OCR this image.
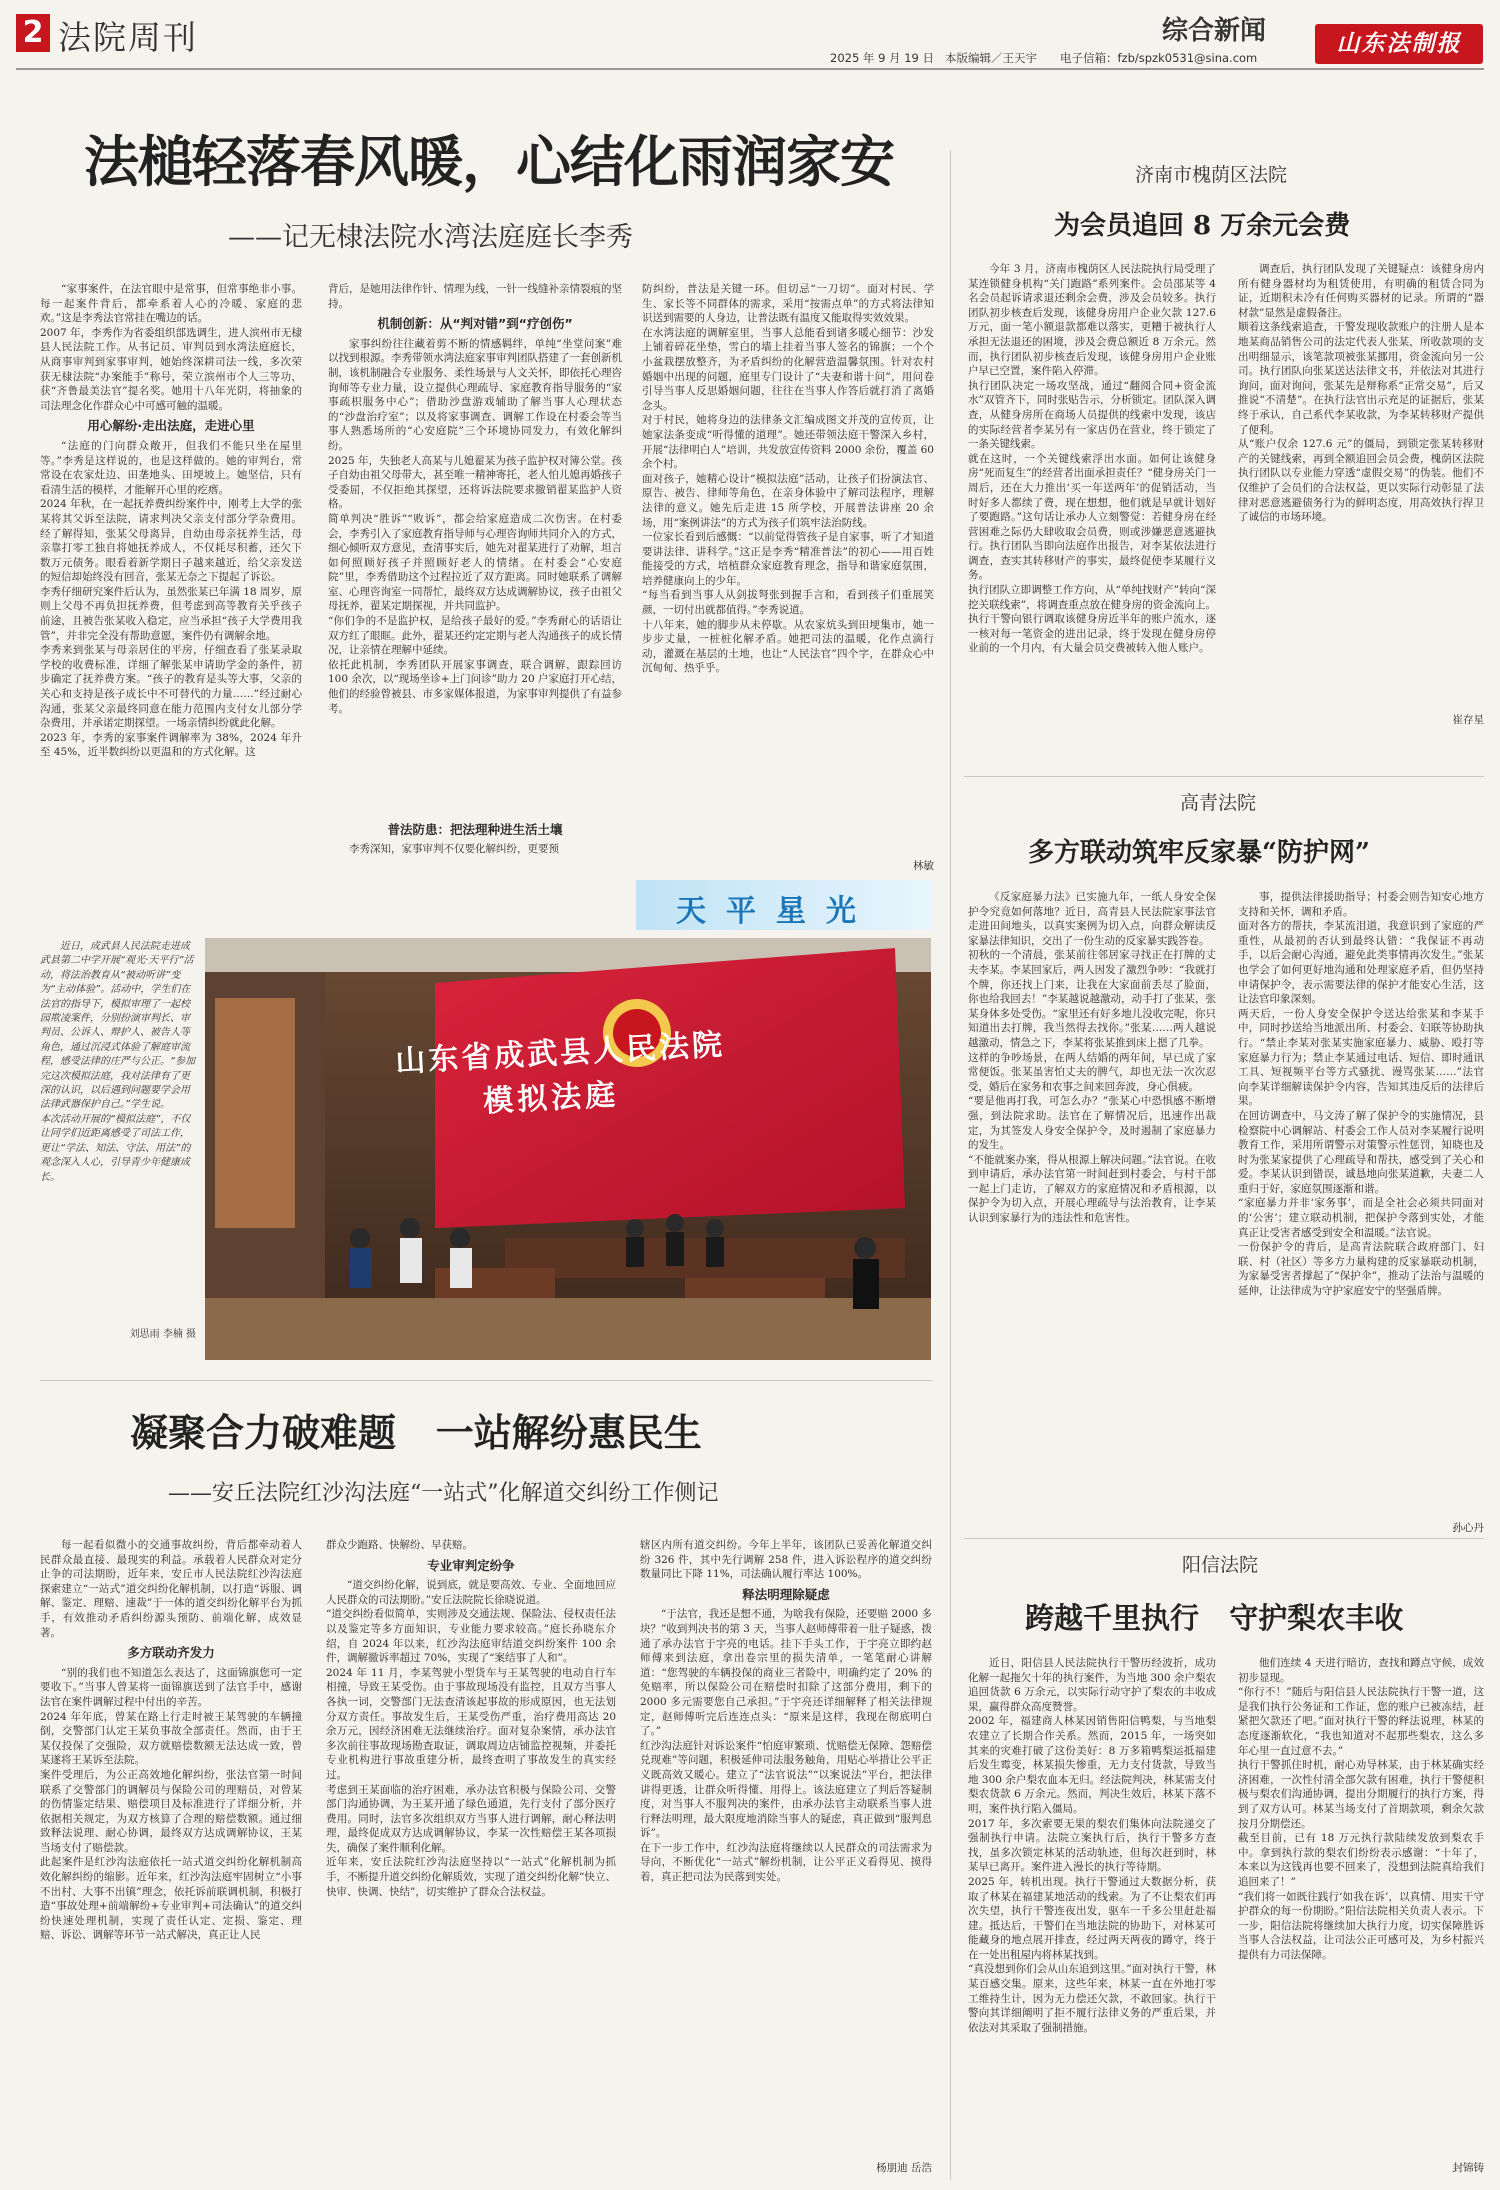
2 法院周刊	综合新闻
2025 年 9 月 19 日 本版编辑／王天宇 电子信箱：fzb/spzk0531@sina.com
山东法制报
法槌轻落春风暖，心结化雨润家安
——记无棣法院水湾法庭庭长李秀
“家事案件，在法官眼中是常事，但常事绝非小事。每一起案件背后，都牵系着人心的冷暖、家庭的悲欢。”这是李秀法官常挂在嘴边的话。
2007 年，李秀作为省委组织部选调生，进人滨州市无棣县人民法院工作。从书记员、审判员到水湾法庭庭长，从商事审判到家事审判，她始终深耕司法一线，多次荣获无棣法院“办案能手”称号，荣立滨州市个人三等功，获“齐鲁最美法官”提名奖。她用十八年光阴，将抽象的司法理念化作群众心中可感可触的温暖。
用心解纷·走出法庭，走进心里
“法庭的门向群众敞开，但我们不能只坐在屋里等。”李秀是这样说的，也是这样做的。她的审判台，常常设在农家灶边、田垄地头、田埂坡上。她坚信，只有看清生活的模样，才能解开心里的疙瘩。
2024 年秋，在一起抚养费纠纷案件中，刚考上大学的张某将其父诉至法院，请求判决父亲支付部分学杂费用。经了解得知，张某父母离异，自幼由母亲抚养生活，母亲靠打零工独自将她抚养成人，不仅耗尽积蓄，还欠下数万元债务。眼看着新学期日子越来越近，给父亲发送的短信却始终没有回音，张某无奈之下提起了诉讼。
李秀仔细研究案件后认为，虽然张某已年满 18 周岁，原则上父母不再负担抚养费，但考虑到高等教育关乎孩子前途，且被告张某收入稳定，应当承担“孩子大学费用我管”，并非完全没有帮助意愿，案件仍有调解余地。
李秀来到张某与母亲居住的平房，仔细查看了张某录取学校的收费标准，详细了解张某申请助学金的条件，初步确定了抚养费方案。“孩子的教育是头等大事，父亲的关心和支持是孩子成长中不可替代的力量……”经过耐心沟通，张某父亲最终同意在能力范围内支付女儿部分学杂费用，并承诺定期探望。一场亲情纠纷就此化解。
2023 年，李秀的家事案件调解率为 38%，2024 年升至 45%，近半数纠纷以更温和的方式化解。这
背后，是她用法律作针、情理为线，一针一线缝补亲情裂痕的坚持。
机制创新：从“判对错”到“疗创伤”
家事纠纷往往藏着剪不断的情感羁绊，单纯“坐堂问案”难以找到根源。李秀带领水湾法庭家事审判团队搭建了一套创新机制，该机制融合专业服务、柔性场景与人文关怀，即依托心理咨询师等专业力量，设立提供心理疏导、家庭教育指导服务的“家事疏枳服务中心”；借助沙盘游戏辅助了解当事人心理状态的“沙盘治疗室”；以及将家事调查、调解工作设在村委会等当事人熟悉场所的“心安庭院”三个环境协同发力，有效化解纠纷。
2025 年，失独老人高某与儿媳翟某为孩子监护权对簿公堂。孩子自幼由祖父母带大，甚至唯一精神寄托，老人怕儿媳再婚孩子受委屈，不仅拒绝其探望，还将诉法院要求撤销翟某监护人资格。
简单判决“胜诉”“败诉”，都会给家庭造成二次伤害。在村委会，李秀引入了家庭教育指导师与心理咨询师共同介入的方式，细心倾听双方意见，查清事实后，她先对翟某进行了劝解，坦言如何照顾好孩子并照顾好老人的情绪。在村委会“心安庭院”里，李秀借助这个过程拉近了双方距离。同时她联系了调解室、心理咨询室一同帮忙，最终双方达成调解协议，孩子由祖父母抚养，翟某定期探视，并共同监护。
“你们争的不是监护权，是给孩子最好的爱。”李秀耐心的话语让双方红了眼眶。此外，翟某还约定定期与老人沟通孩子的成长情况，让亲情在理解中延续。
依托此机制，李秀团队开展家事调查，联合调解，跟踪回访 100 余次，以“现场坐诊+上门问诊”助力 20 户家庭打开心结，他们的经验曾被县、市多家媒体报道，为家事审判提供了有益参考。
普法防患：把法理种进生活土壤
李秀深知，家事审判不仅要化解纠纷，更要预
防纠纷，普法是关键一环。但切忌“一刀切”。面对村民、学生、家长等不同群体的需求，采用“按需点单”的方式将法律知识送到需要的人身边，让普法既有温度又能取得实效效果。
在水湾法庭的调解室里，当事人总能看到诸多暖心细节：沙发上铺着碎花坐垫，雪白的墙上挂着当事人签名的锦旗；一个个小盆栽摆放整齐，为矛盾纠纷的化解营造温馨氛围。针对农村婚姻中出现的问题，庭里专门设计了“夫妻和谐十问”，用问卷引导当事人反思婚姻问题，往往在当事人作答后就打消了离婚念头。
对于村民，她将身边的法律条文汇编成图文并茂的宣传页，让她家法条变成“听得懂的道理”。她还带领法庭干警深入乡村，开展“法律明白人”培训，共发放宣传资料 2000 余份，覆盖 60 余个村。
面对孩子，她精心设计“模拟法庭”活动，让孩子们扮演法官、原告、被告、律师等角色，在亲身体验中了解司法程序，理解法律的意义。她先后走进 15 所学校，开展普法讲座 20 余场，用“案例讲法”的方式为孩子们筑牢法治防线。
一位家长看到后感慨：“以前觉得管孩子是自家事，听了才知道要讲法律、讲科学。”这正是李秀“精准普法”的初心——用百姓能接受的方式，培植群众家庭教育理念，指导和谐家庭氛围，培养健康向上的少年。
“每当看到当事人从剑拔弩张到握手言和，看到孩子们重展笑颜，一切付出就都值得。”李秀说道。
十八年来，她的脚步从未停歇。从农家炕头到田埂集市，她一步步丈量，一桩桩化解矛盾。她把司法的温暖，化作点滴行动，灌溉在基层的土地，也让“人民法官”四个字，在群众心中沉甸甸、热乎乎。
林敏
天平星光
近日，成武县人民法院走进成武县第二中学开展“观光·天平行”活动，将法治教育从“被动听讲”变为“主动体验”。活动中，学生们在法官的指导下，模拟审理了一起校园欺凌案件，分别扮演审判长、审判员、公诉人、辩护人、被告人等角色，通过沉浸式体验了解庭审流程，感受法律的庄严与公正。“参加完这次模拟法庭，我对法律有了更深的认识，以后遇到问题要学会用法律武器保护自己。”学生说。
本次活动开展的“模拟法庭”，不仅让同学们近距离感受了司法工作，更让“学法、知法、守法、用法”的观念深入人心，引导青少年健康成长。
刘思雨 李楠 摄
山东省成武县人民法院
模拟法庭
济南市槐荫区法院
为会员追回 8 万余元会费
今年 3 月，济南市槐荫区人民法院执行局受理了某连锁健身机构“关门跑路”系列案件。会员邵某等 4 名会员起诉请求退还剩余会费，涉及会员较多。执行团队初步核查后发现，该健身房用户企业欠款 127.6 万元，面一笔小额退款都难以落实，更糟于被执行人承担无法退还的困境，涉及会费总额近 8 万余元。然而，执行团队初步核查后发现，该健身房用户企业账户早已空置，案件陷入停滞。
执行团队决定一场攻坚战，通过“翻阅合同+资金流水”双管齐下，同时张贴告示，分析锁定。团队深入调查，从健身房所在商场人员提供的线索中发现，该店的实际经营者李某另有一家店仍在营业，终于锁定了一条关键线索。
就在这时，一个关键线索浮出水面。如何让该健身房“死而复生”的经营者出面承担责任？“健身房关门一周后，还在大力推出‘买一年送两年’的促销活动，当时好多人都续了费，现在想想，他们就是早就计划好了要跑路。”这句话让承办人立刻警觉：若健身房在经营困难之际仍大肆收取会员费，则或涉嫌恶意逃避执行。执行团队当即向法庭作出报告，对李某依法进行调查，查实其转移财产的事实，最终促使李某履行义务。
执行团队立即调整工作方向，从“单纯找财产”转向“深挖关联线索”，将调查重点放在健身房的资金流向上。执行干警向银行调取该健身房近半年的账户流水，逐一核对每一笔资金的进出记录，终于发现在健身房停业前的一个月内，有大量会员交费被转入他人账户。
调查后，执行团队发现了关键疑点：该健身房内所有健身器材均为租赁使用，有明确的租赁合同为证，近期积未冷有任何购买器材的记录。所谓的“器材款”显然是虚假备注。
顺着这条线索追查，干警发现收款账户的注册人是本地某商品销售公司的法定代表人张某，所收款项的支出明细显示，该笔款项被张某挪用，资金流向另一公司。执行团队向张某送达法律文书，并依法对其进行询问，面对询问，张某先是辩称系“正常交易”，后又推说“不清楚”。在执行法官出示充足的证据后，张某终于承认，自己系代李某收款，为李某转移财产提供了便利。
从“账户仅余 127.6 元”的僵局，到锁定张某转移财产的关键线索，再到全额追回会员会费，槐荫区法院执行团队以专业能力穿透“虚假交易”的伪装。他们不仅维护了会员们的合法权益，更以实际行动彰显了法律对恶意逃避债务行为的鲜明态度，用高效执行捍卫了诚信的市场环境。
崔存星
高青法院
多方联动筑牢反家暴“防护网”
《反家庭暴力法》已实施九年，一纸人身安全保护令究竟如何落地？近日，高青县人民法院家事法官走进田间地头，以真实案例为切入点，向群众解读反家暴法律知识，交出了一份生动的反家暴实践答卷。
初秋的一个清晨，张某前往邻居家寻找正在打牌的丈夫李某。李某回家后，两人因发了激烈争吵：“我就打个牌，你还找上门来，让我在大家面前丢尽了脸面，你也给我回去！”李某越说越激动，动手打了张某，张某身体多处受伤。“家里还有好多地儿没收完呢，你只知道出去打牌，我当然得去找你。”张某……两人越说越激动，情急之下，李某将张某推到床上摁了几拳。
这样的争吵场景，在两人结婚的两年间，早已成了家常便饭。张某虽害怕丈夫的脾气，却也无法一次次忍受，婚后在家务和农事之间来回奔波，身心俱疲。
“要是他再打我，可怎么办？”张某心中恐惧感不断增强，到法院求助。法官在了解情况后，迅速作出裁定，为其签发人身安全保护令，及时遏制了家庭暴力的发生。
“不能就案办案，得从根源上解决问题。”法官说。在收到申请后，承办法官第一时间赶到村委会，与村干部一起上门走访，了解双方的家庭情况和矛盾根源，以保护令为切入点，开展心理疏导与法治教育，让李某认识到家暴行为的违法性和危害性。
事，提供法律援助指导；村委会则告知安心地方支持和关怀，调和矛盾。
面对各方的帮扶，李某流泪道，我意识到了家庭的严重性，从最初的否认到最终认错：“我保证不再动手，以后会耐心沟通，避免此类事情再次发生。”张某也学会了如何更好地沟通和处理家庭矛盾，但仍坚持申请保护令，表示需要法律的保护才能安心生活，这让法官印象深刻。
两天后，一份人身安全保护令送达给张某和李某手中，同时抄送给当地派出所、村委会、妇联等协助执行。“禁止李某对张某实施家庭暴力、威胁、殴打等家庭暴力行为；禁止李某通过电话、短信、即时通讯工具、短视频平台等方式骚扰、谩骂张某……”法官向李某详细解读保护令内容，告知其违反后的法律后果。
在回访调查中，马文涛了解了保护令的实施情况，县检察院中心调解站、村委会工作人员对李某履行说明教育工作，采用所谓警示对策警示性惩罚，知晓也及时为张某家提供了心理疏导和帮扶，感受到了关心和爱。李某认识到错误，诚恳地向张某道歉，夫妻二人重归于好，家庭氛围逐渐和谐。
“家庭暴力并非‘家务事’，而是全社会必须共同面对的‘公害’；建立联动机制，把保护令落到实处，才能真正让受害者感受到安全和温暖。”法官说。
一份保护令的背后，是高青法院联合政府部门、妇联、村（社区）等多方力量构建的反家暴联动机制，为家暴受害者撑起了“保护伞”，推动了法治与温暖的延伸，让法律成为守护家庭安宁的坚强盾牌。
孙心丹
凝聚合力破难题   一站解纷惠民生
——安丘法院红沙沟法庭“一站式”化解道交纠纷工作侧记
每一起看似微小的交通事故纠纷，背后都牵动着人民群众最直接、最现实的利益。承载着人民群众对定分止争的司法期盼，近年来，安丘市人民法院红沙沟法庭探索建立“一站式”道交纠纷化解机制，以打造“诉服、调解、鉴定、理赔、速裁”于一体的道交纠纷化解平台为抓手，有效推动矛盾纠纷源头预防、前端化解，成效显著。
多方联动齐发力
“别的我们也不知道怎么表达了，这面锦旗您可一定要收下。”当事人曾某将一面锦旗送到了法官手中，感谢法官在案件调解过程中付出的辛苦。
2024 年年底，曾某在路上行走时被王某驾驶的车辆撞倒，交警部门认定王某负事故全部责任。然而，由于王某仅投保了交强险，双方就赔偿数额无法达成一致，曾某遂将王某诉至法院。
案件受理后，为公正高效地化解纠纷，张法官第一时间联系了交警部门的调解员与保险公司的理赔员，对曾某的伤情鉴定结果、赔偿项目及标准进行了详细分析，并依据相关规定，为双方核算了合理的赔偿数额。通过细致释法说理、耐心协调，最终双方达成调解协议，王某当场支付了赔偿款。
此起案件是红沙沟法庭依托一站式道交纠纷化解机制高效化解纠纷的缩影。近年来，红沙沟法庭牢固树立“小事不出村、大事不出镇”理念，依托诉前联调机制，积极打造“事故处理+前端解纷+专业审判+司法确认”的道交纠纷快速处理机制，实现了责任认定、定损、鉴定、理赔、诉讼、调解等环节一站式解决，真正让人民
群众少跑路、快解纷、早获赔。
专业审判定纷争
“道交纠纷化解，说到底，就是要高效、专业、全面地回应人民群众的司法期盼。”安丘法院院长徐晓说道。
“道交纠纷看似简单，实则涉及交通法规、保险法、侵权责任法以及鉴定等多方面知识，专业能力要求较高。”庭长孙晓东介绍，自 2024 年以来，红沙沟法庭审结道交纠纷案件 100 余件，调解撤诉率超过 70%，实现了“案结事了人和”。
2024 年 11 月，李某驾驶小型货车与王某驾驶的电动自行车相撞，导致王某受伤。由于事故现场没有监控，且双方当事人各执一词，交警部门无法查清该起事故的形成原因，也无法划分双方责任。事故发生后，王某受伤严重，治疗费用高达 20 余万元，因经济困难无法继续治疗。面对复杂案情，承办法官多次前往事故现场勘查取证，调取周边店铺监控视频，并委托专业机构进行事故重建分析，最终查明了事故发生的真实经过。
考虑到王某面临的治疗困难，承办法官积极与保险公司、交警部门沟通协调，为王某开通了绿色通道，先行支付了部分医疗费用。同时，法官多次组织双方当事人进行调解，耐心释法明理，最终促成双方达成调解协议，李某一次性赔偿王某各项损失，确保了案件顺利化解。
近年来，安丘法院红沙沟法庭坚持以“一站式”化解机制为抓手，不断提升道交纠纷化解质效，实现了道交纠纷化解“快立、快审、快调、快结”，切实维护了群众合法权益。
辖区内所有道交纠纷。今年上半年，该团队已妥善化解道交纠纷 326 件，其中先行调解 258 件，进入诉讼程序的道交纠纷数量同比下降 11%，司法确认履行率达 100%。
释法明理除疑虑
“于法官，我还是想不通，为啥我有保险，还要赔 2000 多块？”收到判决书的第 3 天，当事人赵师傅带着一肚子疑惑，拨通了承办法官于宇亮的电话。挂下手头工作，于宇亮立即约赵师傅来到法庭，拿出卷宗里的损失清单，一笔笔耐心讲解道：“您驾驶的车辆投保的商业三者险中，明确约定了 20% 的免赔率，所以保险公司在赔偿时扣除了这部分费用，剩下的 2000 多元需要您自己承担。”于宇亮还详细解释了相关法律规定，赵师傅听完后连连点头：“原来是这样，我现在彻底明白了。”
红沙沟法庭针对诉讼案件“怕庭审繁琐、忧赔偿无保障、怨赔偿兑现难”等问题，积极延伸司法服务触角，用贴心举措让公平正义既高效又暖心。建立了“法官说法”“以案说法”平台，把法律讲得更透，让群众听得懂、用得上。该法庭建立了判后答疑制度，对当事人不服判决的案件，由承办法官主动联系当事人进行释法明理，最大限度地消除当事人的疑虑，真正做到“服判息诉”。
在下一步工作中，红沙沟法庭将继续以人民群众的司法需求为导向，不断优化“一站式”解纷机制，让公平正义看得见、摸得着，真正把司法为民落到实处。
杨朋迪 岳浩
阳信法院
跨越千里执行   守护梨农丰收
近日，阳信县人民法院执行干警历经波折，成功化解一起拖欠十年的执行案件，为当地 300 余户梨农追回货款 6 万余元，以实际行动守护了梨农的丰收成果，赢得群众高度赞誉。
2002 年，福建商人林某因销售阳信鸭梨，与当地梨农建立了长期合作关系。然而，2015 年，一场突如其来的灾难打破了这份美好：8 万多箱鸭梨运抵福建后发生霉变，林某损失惨重，无力支付货款，导致当地 300 余户梨农血本无归。经法院判决，林某需支付梨农货款 6 万余元。然而，判决生效后，林某下落不明，案件执行陷入僵局。
2017 年，多次索要无果的梨农们集体向法院递交了强制执行申请。法院立案执行后，执行干警多方查找，虽多次锁定林某的活动轨迹，但每次赶到时，林某早已离开。案件进入漫长的执行等待期。
2025 年，转机出现。执行干警通过大数据分析，获取了林某在福建某地活动的线索。为了不让梨农们再次失望，执行干警连夜出发，驱车一千多公里赶赴福建。抵达后，干警们在当地法院的协助下，对林某可能藏身的地点展开排查，经过两天两夜的蹲守，终于在一处出租屋内将林某找到。
“真没想到你们会从山东追到这里。”面对执行干警，林某百感交集。原来，这些年来，林某一直在外地打零工维持生计，因为无力偿还欠款，不敢回家。执行干警向其详细阐明了拒不履行法律义务的严重后果，并依法对其采取了强制措施。
他们连续 4 天进行暗访，查找和蹲点守候，成效初步显现。
“你行不！”随后与阳信县人民法院执行干警一道，这是我们执行公务证和工作证，您的账户已被冻结，赶紧把欠款还了吧。”面对执行干警的释法说理，林某的态度逐渐软化，“我也知道对不起那些梨农，这么多年心里一直过意不去。”
执行干警抓住时机，耐心劝导林某，由于林某确实经济困难，一次性付清全部欠款有困难，执行干警便积极与梨农们沟通协调，提出分期履行的执行方案，得到了双方认可。林某当场支付了首期款项，剩余欠款按月分期偿还。
截至目前，已有 18 万元执行款陆续发放到梨农手中。拿到执行款的梨农们纷纷表示感谢：“十年了，本来以为这钱再也要不回来了，没想到法院真给我们追回来了！”
“我们将一如既往践行‘如我在诉’，以真情、用实干守护群众的每一份期盼。”阳信法院相关负责人表示。下一步，阳信法院将继续加大执行力度，切实保障胜诉当事人合法权益，让司法公正可感可及，为乡村振兴提供有力司法保障。
封锦铸
